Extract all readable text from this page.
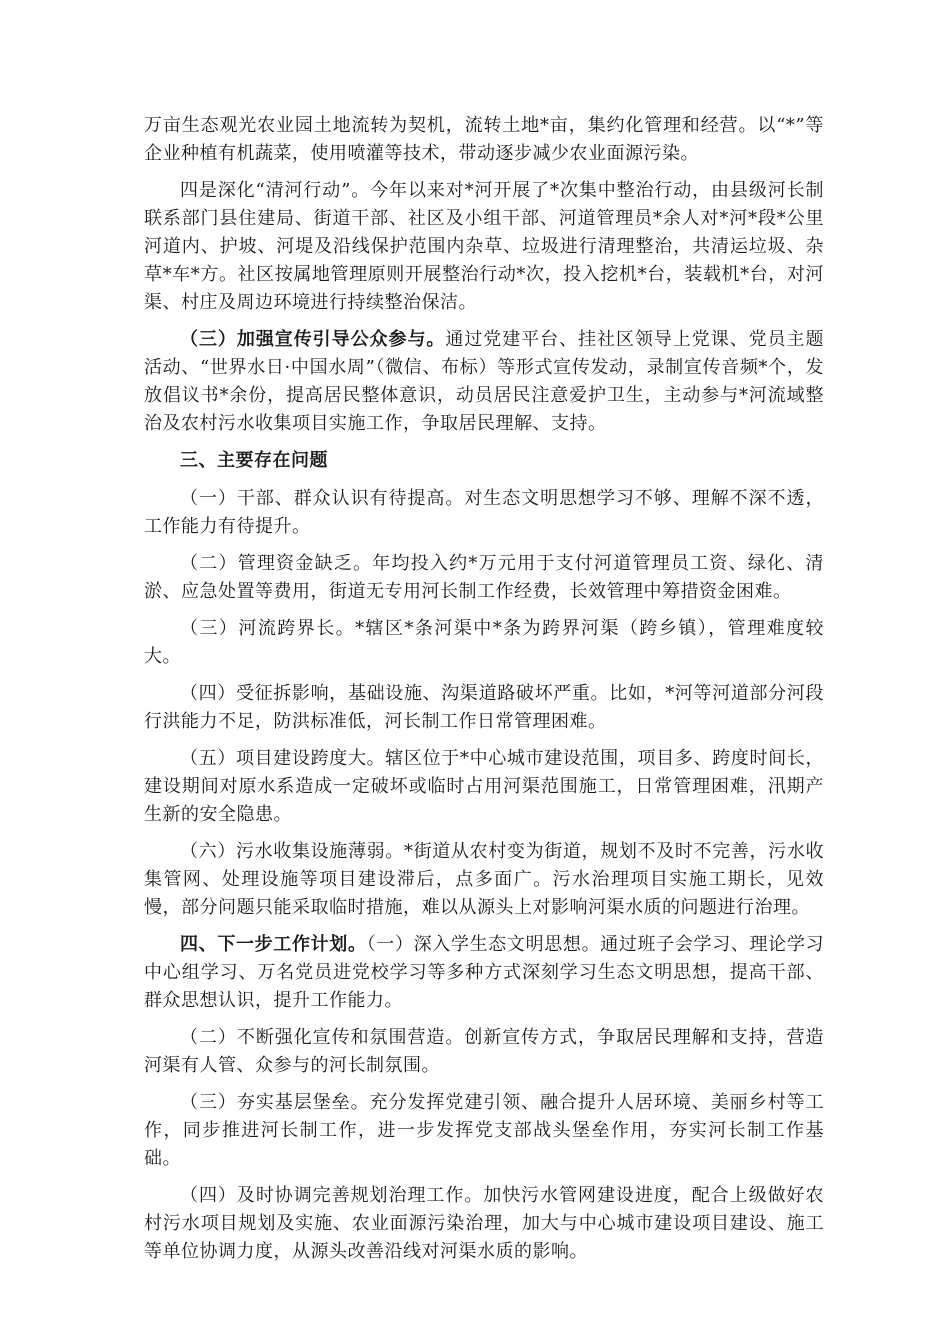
万亩生态观光农业园土地流转为契机，流转土地*亩，集约化管理和经营。以“*”等企业种植有机蔬菜，使用喷灌等技术，带动逐步减少农业面源污染。

四是深化“清河行动”。今年以来对*河开展了*次集中整治行动，由县级河长制联系部门县住建局、街道干部、社区及小组干部、河道管理员*余人对*河*段*公里河道内、护坡、河堤及沿线保护范围内杂草、垃圾进行清理整治，共清运垃圾、杂草*车*方。社区按属地管理原则开展整治行动*次，投入挖机*台，装载机*台，对河渠、村庄及周边环境进行持续整治保洁。

（三）加强宣传引导公众参与。通过党建平台、挂社区领导上党课、党员主题活动、“世界水日·中国水周”（微信、布标）等形式宣传发动，录制宣传音频*个，发放倡议书*余份，提高居民整体意识，动员居民注意爱护卫生，主动参与*河流域整治及农村污水收集项目实施工作，争取居民理解、支持。

三、主要存在问题

（一）干部、群众认识有待提高。对生态文明思想学习不够、理解不深不透，工作能力有待提升。

（二）管理资金缺乏。年均投入约*万元用于支付河道管理员工资、绿化、清淤、应急处置等费用，街道无专用河长制工作经费，长效管理中筹措资金困难。

（三）河流跨界长。*辖区*条河渠中*条为跨界河渠（跨乡镇），管理难度较大。

（四）受征拆影响，基础设施、沟渠道路破坏严重。比如，*河等河道部分河段行洪能力不足，防洪标准低，河长制工作日常管理困难。

（五）项目建设跨度大。辖区位于*中心城市建设范围，项目多、跨度时间长，建设期间对原水系造成一定破坏或临时占用河渠范围施工，日常管理困难，汛期产生新的安全隐患。

（六）污水收集设施薄弱。*街道从农村变为街道，规划不及时不完善，污水收集管网、处理设施等项目建设滞后，点多面广。污水治理项目实施工期长，见效慢，部分问题只能采取临时措施，难以从源头上对影响河渠水质的问题进行治理。

四、下一步工作计划。（一）深入学生态文明思想。通过班子会学习、理论学习中心组学习、万名党员进党校学习等多种方式深刻学习生态文明思想，提高干部、群众思想认识，提升工作能力。

（二）不断强化宣传和氛围营造。创新宣传方式，争取居民理解和支持，营造河渠有人管、众参与的河长制氛围。

（三）夯实基层堡垒。充分发挥党建引领、融合提升人居环境、美丽乡村等工作，同步推进河长制工作，进一步发挥党支部战头堡垒作用，夯实河长制工作基础。

（四）及时协调完善规划治理工作。加快污水管网建设进度，配合上级做好农村污水项目规划及实施、农业面源污染治理，加大与中心城市建设项目建设、施工等单位协调力度，从源头改善沿线对河渠水质的影响。
